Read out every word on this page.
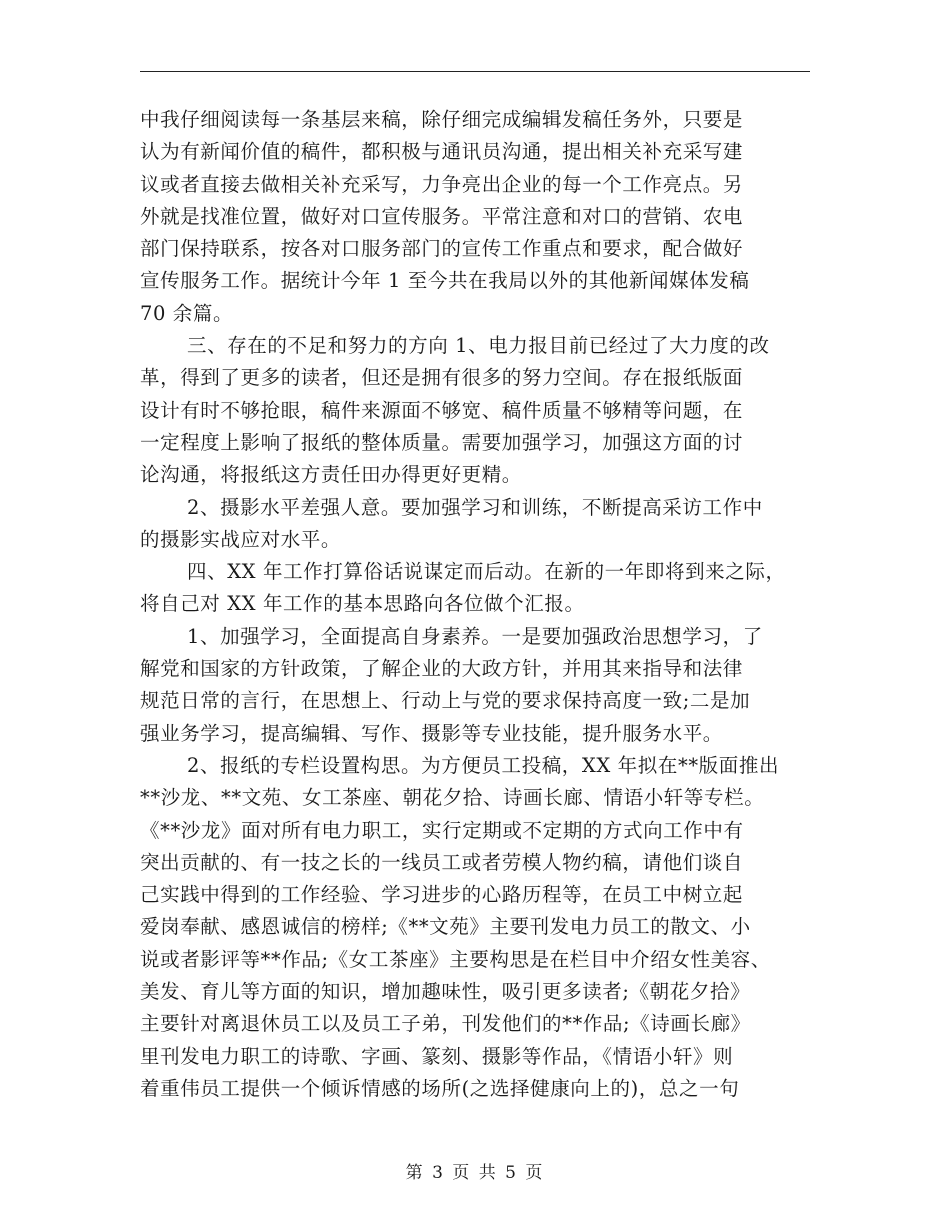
中我仔细阅读每一条基层来稿，除仔细完成编辑发稿任务外，只要是
认为有新闻价值的稿件，都积极与通讯员沟通，提出相关补充采写建
议或者直接去做相关补充采写，力争亮出企业的每一个工作亮点。另
外就是找准位置，做好对口宣传服务。平常注意和对口的营销、农电
部门保持联系，按各对口服务部门的宣传工作重点和要求，配合做好
宣传服务工作。据统计今年 1 至今共在我局以外的其他新闻媒体发稿
70 余篇。
三、存在的不足和努力的方向 1、电力报目前已经过了大力度的改
革，得到了更多的读者，但还是拥有很多的努力空间。存在报纸版面
设计有时不够抢眼，稿件来源面不够宽、稿件质量不够精等问题，在
一定程度上影响了报纸的整体质量。需要加强学习，加强这方面的讨
论沟通，将报纸这方责任田办得更好更精。
2、摄影水平差强人意。要加强学习和训练，不断提高采访工作中
的摄影实战应对水平。
四、XX 年工作打算俗话说谋定而后动。在新的一年即将到来之际，
将自己对 XX 年工作的基本思路向各位做个汇报。
1、加强学习，全面提高自身素养。一是要加强政治思想学习，了
解党和国家的方针政策，了解企业的大政方针，并用其来指导和法律
规范日常的言行，在思想上、行动上与党的要求保持高度一致;二是加
强业务学习，提高编辑、写作、摄影等专业技能，提升服务水平。
2、报纸的专栏设置构思。为方便员工投稿，XX 年拟在**版面推出
**沙龙、**文苑、女工茶座、朝花夕拾、诗画长廊、情语小轩等专栏。
《**沙龙》面对所有电力职工，实行定期或不定期的方式向工作中有
突出贡献的、有一技之长的一线员工或者劳模人物约稿，请他们谈自
己实践中得到的工作经验、学习进步的心路历程等，在员工中树立起
爱岗奉献、感恩诚信的榜样;《**文苑》主要刊发电力员工的散文、小
说或者影评等**作品;《女工茶座》主要构思是在栏目中介绍女性美容、
美发、育儿等方面的知识，增加趣味性，吸引更多读者;《朝花夕拾》
主要针对离退休员工以及员工子弟，刊发他们的**作品;《诗画长廊》
里刊发电力职工的诗歌、字画、篆刻、摄影等作品，《情语小轩》则
着重伟员工提供一个倾诉情感的场所(之选择健康向上的)，总之一句
第 3 页 共 5 页
